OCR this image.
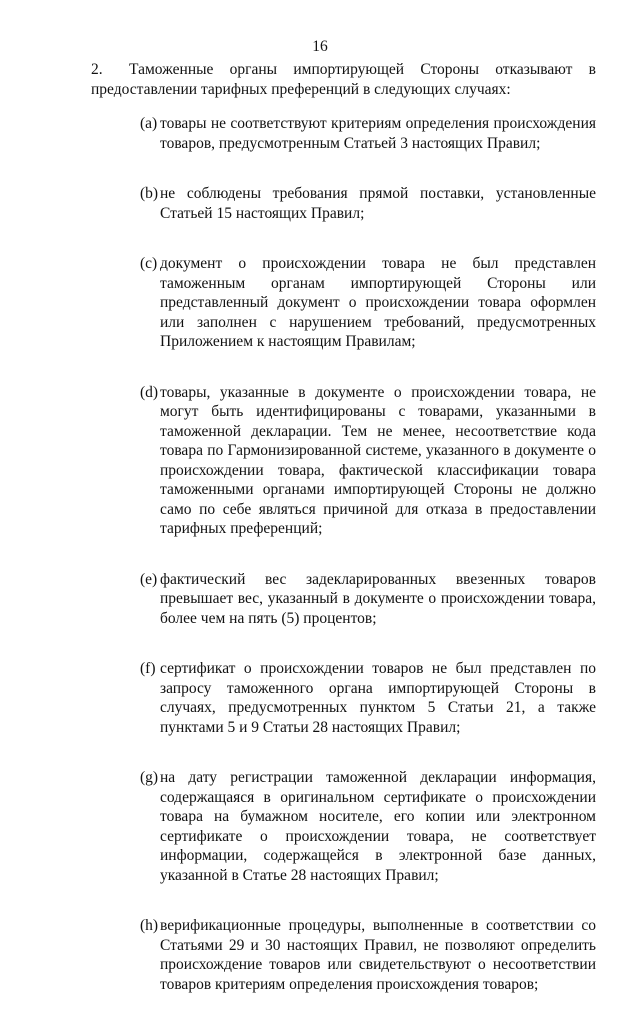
16
2. Таможенные органы импортирующей Стороны отказывают в предоставлении тарифных преференций в следующих случаях:
(a) товары не соответствуют критериям определения происхождения товаров, предусмотренным Статьей 3 настоящих Правил;
(b) не соблюдены требования прямой поставки, установленные Статьей 15 настоящих Правил;
(c) документ о происхождении товара не был представлен таможенным органам импортирующей Стороны или представленный документ о происхождении товара оформлен или заполнен с нарушением требований, предусмотренных Приложением к настоящим Правилам;
(d) товары, указанные в документе о происхождении товара, не могут быть идентифицированы с товарами, указанными в таможенной декларации. Тем не менее, несоответствие кода товара по Гармонизированной системе, указанного в документе о происхождении товара, фактической классификации товара таможенными органами импортирующей Стороны не должно само по себе являться причиной для отказа в предоставлении тарифных преференций;
(e) фактический вес задекларированных ввезенных товаров превышает вес, указанный в документе о происхождении товара, более чем на пять (5) процентов;
(f) сертификат о происхождении товаров не был представлен по запросу таможенного органа импортирующей Стороны в случаях, предусмотренных пунктом 5 Статьи 21, а также пунктами 5 и 9 Статьи 28 настоящих Правил;
(g) на дату регистрации таможенной декларации информация, содержащаяся в оригинальном сертификате о происхождении товара на бумажном носителе, его копии или электронном сертификате о происхождении товара, не соответствует информации, содержащейся в электронной базе данных, указанной в Статье 28 настоящих Правил;
(h) верификационные процедуры, выполненные в соответствии со Статьями 29 и 30 настоящих Правил, не позволяют определить происхождение товаров или свидетельствуют о несоответствии товаров критериям определения происхождения товаров;
